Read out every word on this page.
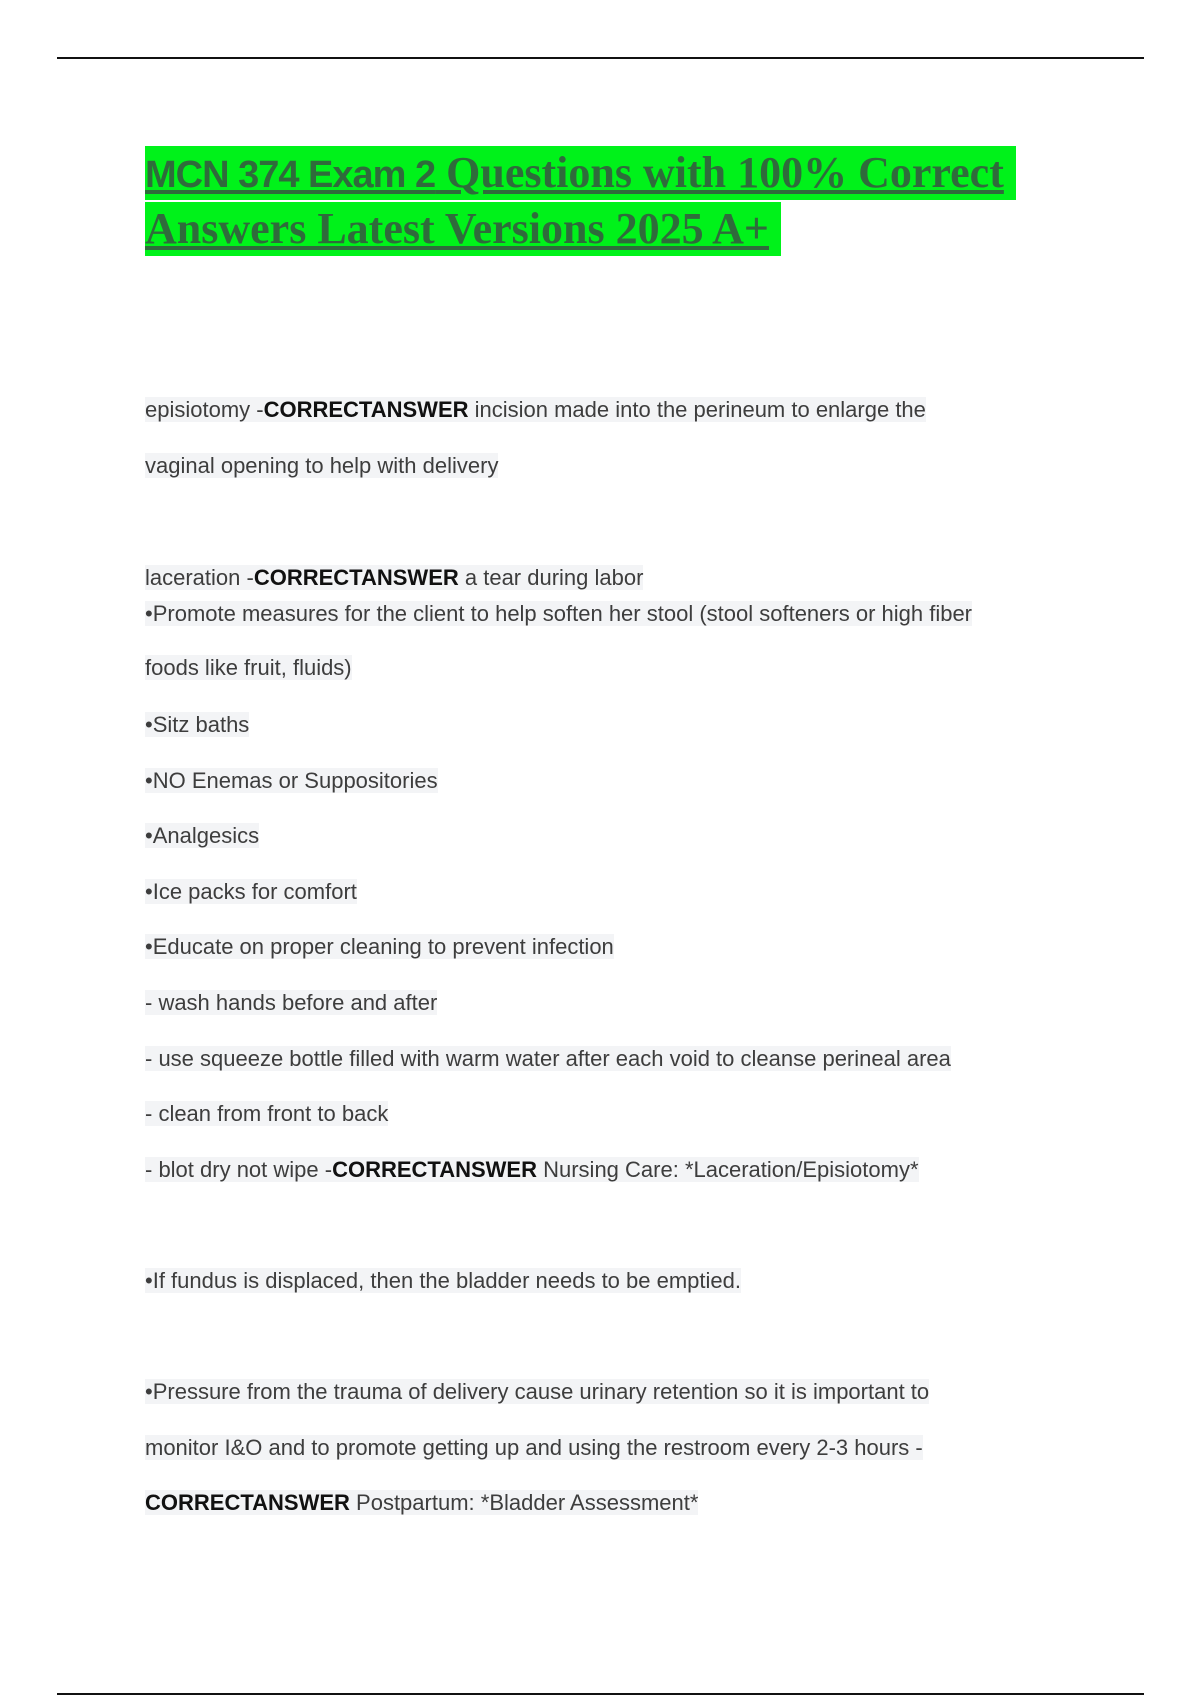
MCN 374 Exam 2 Questions with 100% Correct
Answers Latest Versions 2025 A+
episiotomy -CORRECTANSWER incision made into the perineum to enlarge the
vaginal opening to help with delivery
laceration -CORRECTANSWER a tear during labor
•Promote measures for the client to help soften her stool (stool softeners or high fiber
foods like fruit, fluids)
•Sitz baths
•NO Enemas or Suppositories
•Analgesics
•Ice packs for comfort
•Educate on proper cleaning to prevent infection
- wash hands before and after
- use squeeze bottle filled with warm water after each void to cleanse perineal area
- clean from front to back
- blot dry not wipe -CORRECTANSWER Nursing Care: *Laceration/Episiotomy*
•If fundus is displaced, then the bladder needs to be emptied.
•Pressure from the trauma of delivery cause urinary retention so it is important to
monitor I&O and to promote getting up and using the restroom every 2-3 hours -
CORRECTANSWER Postpartum: *Bladder Assessment*
